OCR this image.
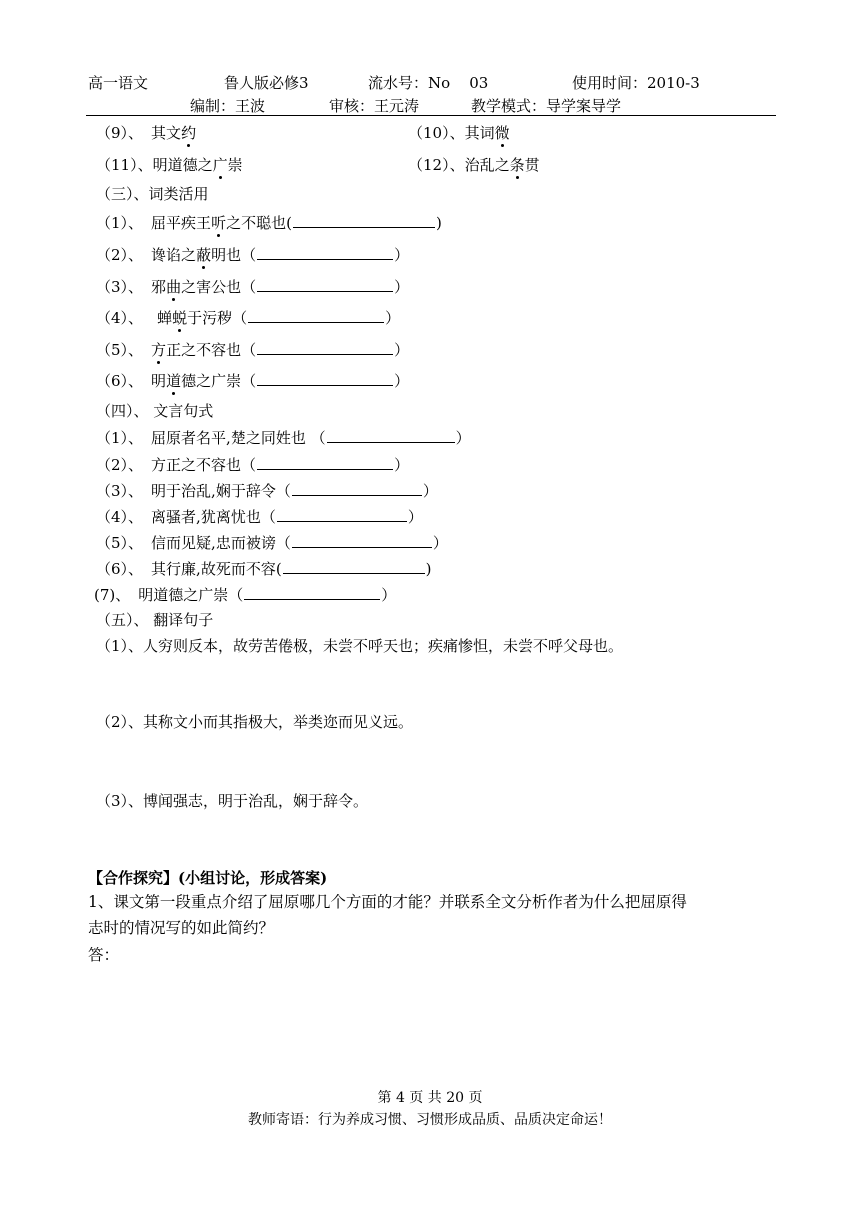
高一语文	鲁人版必修3	流水号：No    03	使用时间：2010-3
编制：王波	审核：王元涛	教学模式：导学案导学
（9）、 其文约	（10）、其词微
（11）、明道德之广崇	（12）、治乱之条贯
（三）、词类活用
（1）、 屈平疾王听之不聪也(	)
（2）、 谗谄之蔽明也（	）
（3）、 邪曲之害公也（	）
（4）、 蝉蜕于污秽（	）
（5）、 方正之不容也（	）
（6）、 明道德之广崇（	）
（四）、 文言句式
（1）、 屈原者名平,楚之同姓也 （	）
（2）、 方正之不容也（	）
（3）、 明于治乱,娴于辞令（	）
（4）、 离骚者,犹离忧也（	）
（5）、 信而见疑,忠而被谤（	）
（6）、 其行廉,故死而不容(	)
(7)、 明道德之广崇（	）
（五）、 翻译句子
（1）、人穷则反本，故劳苦倦极，未尝不呼天也；疾痛惨怛，未尝不呼父母也。
（2）、其称文小而其指极大，举类迩而见义远。
（3）、博闻强志，明于治乱，娴于辞令。
【合作探究】(小组讨论，形成答案)
1、课文第一段重点介绍了屈原哪几个方面的才能？并联系全文分析作者为什么把屈原得
志时的情况写的如此简约？
答：
第 4 页 共 20 页
教师寄语：行为养成习惯、习惯形成品质、品质决定命运！
